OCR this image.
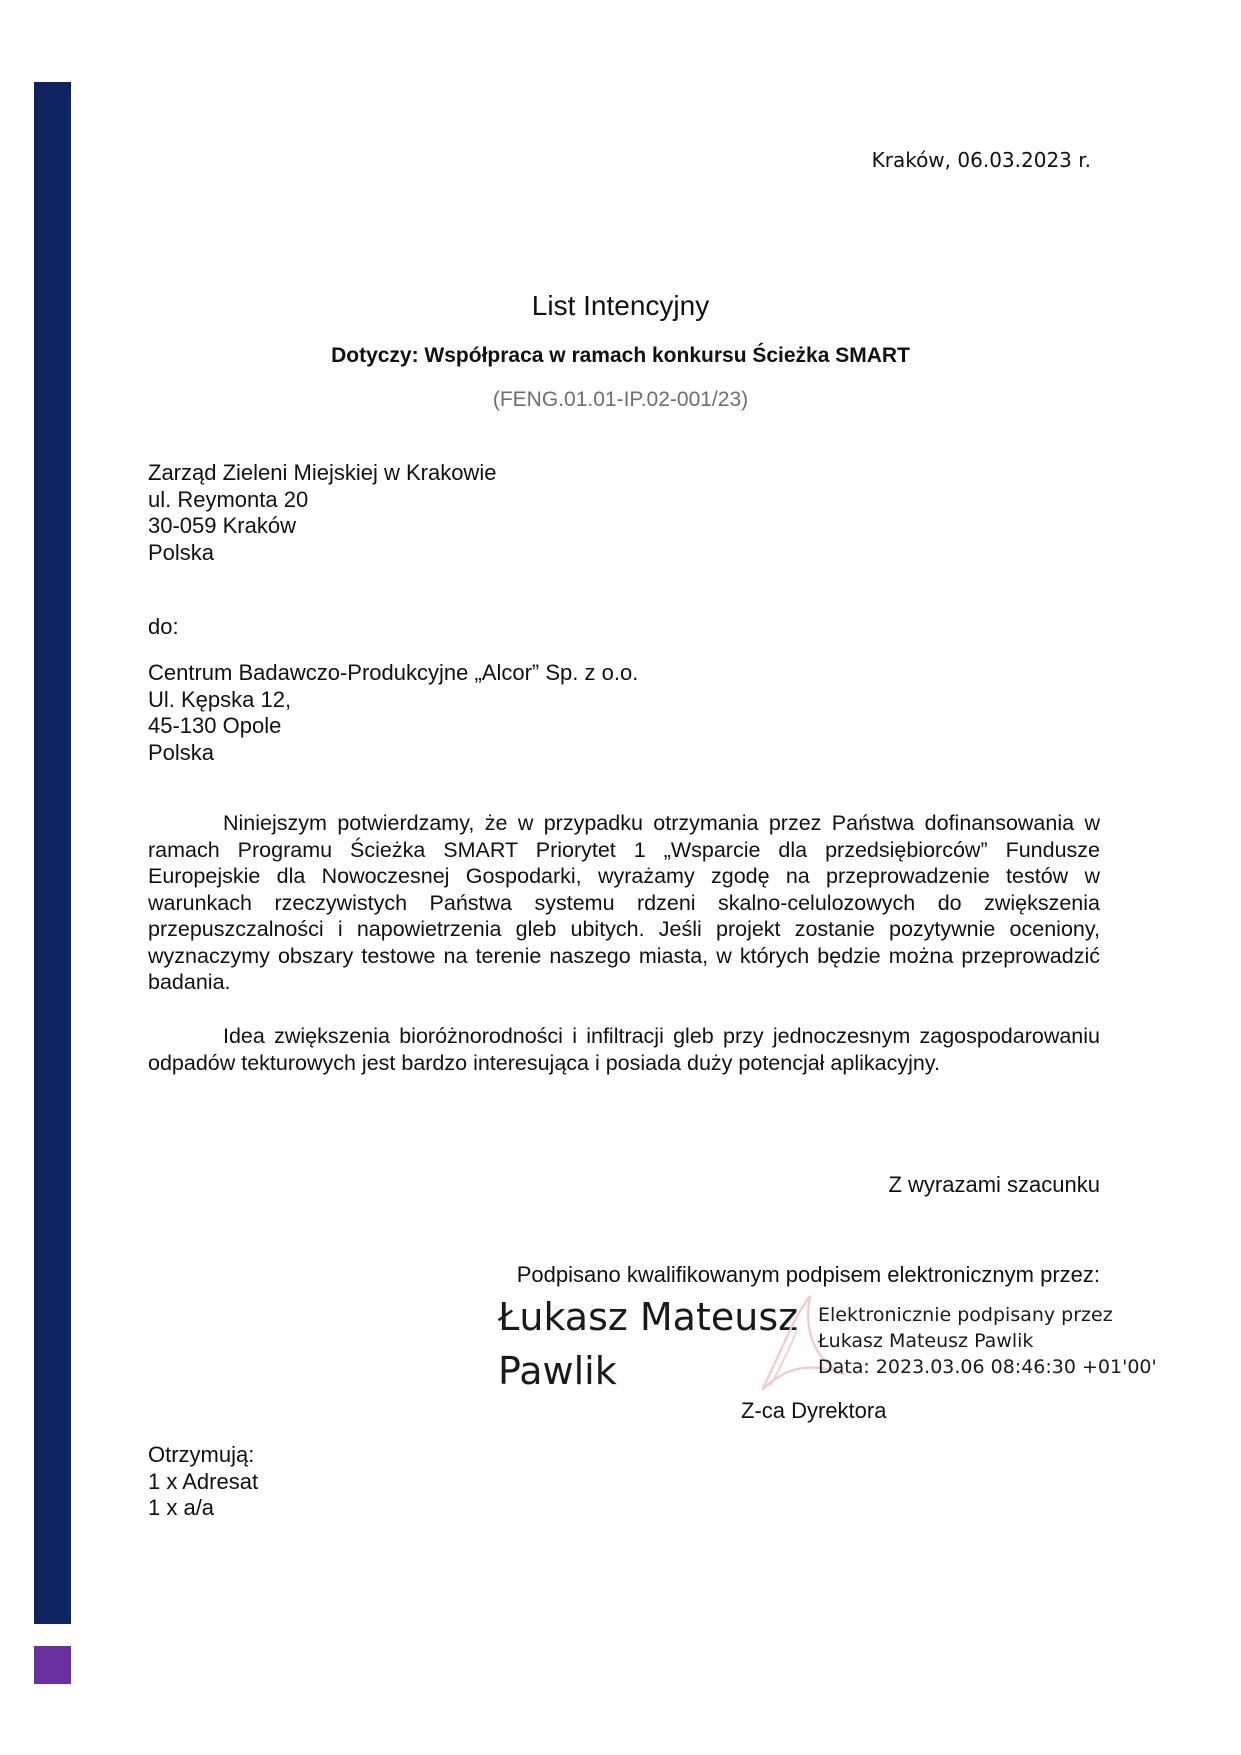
Kraków, 06.03.2023 r.
List Intencyjny
Dotyczy: Współpraca w ramach konkursu Ścieżka SMART
(FENG.01.01-IP.02-001/23)
Zarząd Zieleni Miejskiej w Krakowie
ul. Reymonta 20
30-059 Kraków
Polska
do:
Centrum Badawczo-Produkcyjne „Alcor” Sp. z o.o.
Ul. Kępska 12,
45-130 Opole
Polska

Niniejszym potwierdzamy, że w przypadku otrzymania przez Państwa dofinansowania w ramach Programu Ścieżka SMART Priorytet 1 „Wsparcie dla przedsiębiorców” Fundusze Europejskie dla Nowoczesnej Gospodarki, wyrażamy zgodę na przeprowadzenie testów w warunkach rzeczywistych Państwa systemu rdzeni skalno-celulozowych do zwiększenia przepuszczalności i napowietrzenia gleb ubitych. Jeśli projekt zostanie pozytywnie oceniony, wyznaczymy obszary testowe na terenie naszego miasta, w których będzie można przeprowadzić badania.

Idea zwiększenia bioróżnorodności i infiltracji gleb przy jednoczesnym zagospodarowaniu odpadów tekturowych jest bardzo interesująca i posiada duży potencjał aplikacyjny.

Z wyrazami szacunku
Podpisano kwalifikowanym podpisem elektronicznym przez:
Łukasz Mateusz
Pawlik
Elektronicznie podpisany przez
Łukasz Mateusz Pawlik
Data: 2023.03.06 08:46:30 +01'00'
Z-ca Dyrektora
Otrzymują:
1 x Adresat
1 x a/a
